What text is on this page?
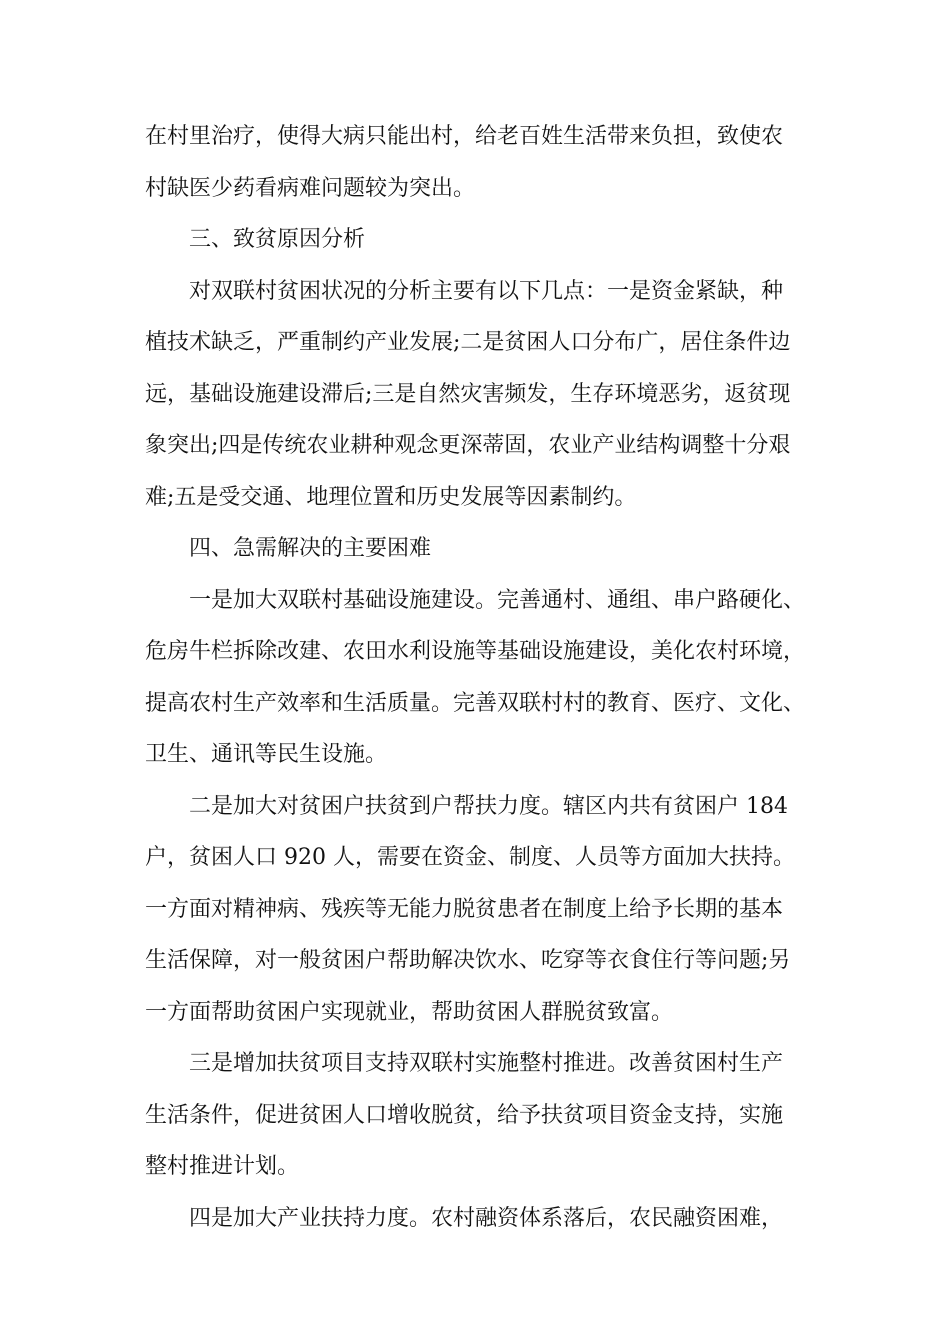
在村里治疗，使得大病只能出村，给老百姓生活带来负担，致使农
村缺医少药看病难问题较为突出。
三、致贫原因分析
对双联村贫困状况的分析主要有以下几点：一是资金紧缺，种
植技术缺乏，严重制约产业发展;二是贫困人口分布广，居住条件边
远，基础设施建设滞后;三是自然灾害频发，生存环境恶劣，返贫现
象突出;四是传统农业耕种观念更深蒂固，农业产业结构调整十分艰
难;五是受交通、地理位置和历史发展等因素制约。
四、急需解决的主要困难
一是加大双联村基础设施建设。完善通村、通组、串户路硬化、
危房牛栏拆除改建、农田水利设施等基础设施建设，美化农村环境，
提高农村生产效率和生活质量。完善双联村村的教育、医疗、文化、
卫生、通讯等民生设施。
二是加大对贫困户扶贫到户帮扶力度。辖区内共有贫困户 184
户，贫困人口 920 人，需要在资金、制度、人员等方面加大扶持。
一方面对精神病、残疾等无能力脱贫患者在制度上给予长期的基本
生活保障，对一般贫困户帮助解决饮水、吃穿等衣食住行等问题;另
一方面帮助贫困户实现就业，帮助贫困人群脱贫致富。
三是增加扶贫项目支持双联村实施整村推进。改善贫困村生产
生活条件，促进贫困人口增收脱贫，给予扶贫项目资金支持，实施
整村推进计划。
四是加大产业扶持力度。农村融资体系落后，农民融资困难，
